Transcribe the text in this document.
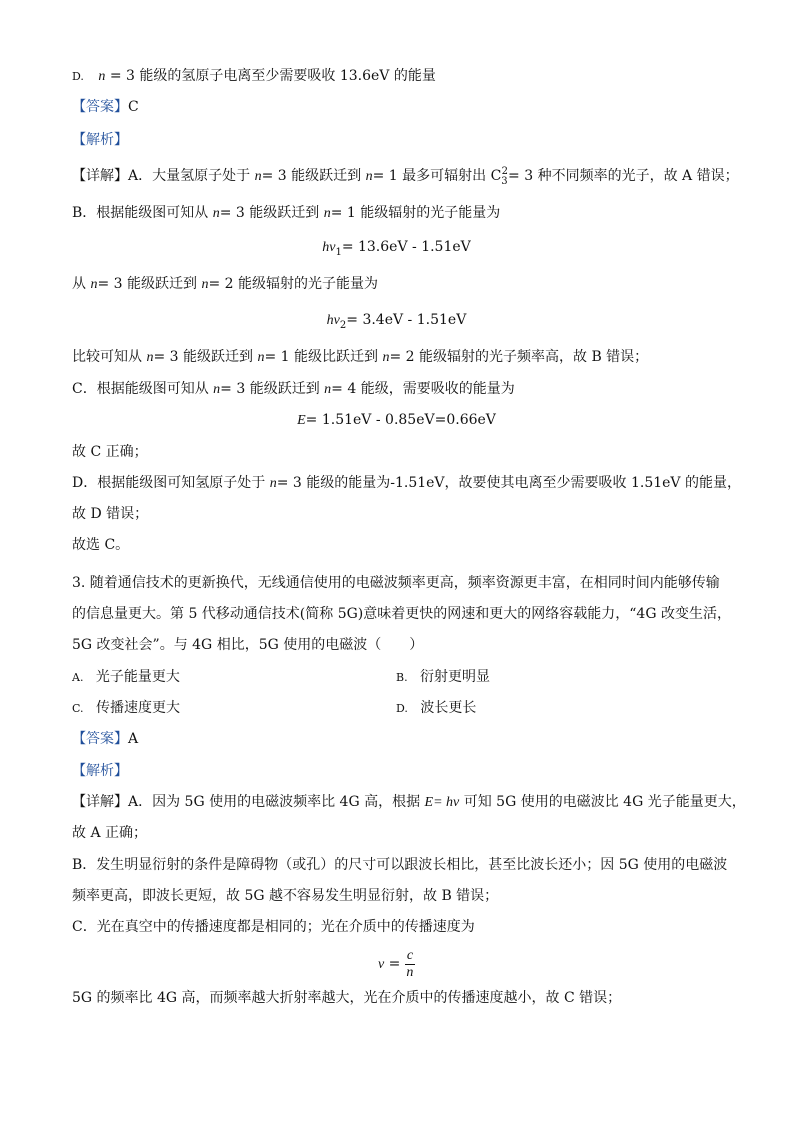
D. n = 3 能级的氢原子电离至少需要吸收 13.6eV 的能量
【答案】C
【解析】
【详解】A．大量氢原子处于 n= 3 能级跃迁到 n= 1 最多可辐射出 $C_3^2= 3$ 种不同频率的光子，故 A 错误；
B．根据能级图可知从 n= 3 能级跃迁到 n= 1 能级辐射的光子能量为
$h\nu_1= 13.6eV - 1.51eV$
从 n= 3 能级跃迁到 n= 2 能级辐射的光子能量为
$h\nu_2= 3.4eV - 1.51eV$
比较可知从 n= 3 能级跃迁到 n= 1 能级比跃迁到 n= 2 能级辐射的光子频率高，故 B 错误；
C．根据能级图可知从 n= 3 能级跃迁到 n= 4 能级，需要吸收的能量为
E= 1.51eV - 0.85eV=0.66eV
故 C 正确；
D．根据能级图可知氢原子处于 n= 3 能级的能量为-1.51eV，故要使其电离至少需要吸收 1.51eV 的能量，
故 D 错误；
故选 C。
3. 随着通信技术的更新换代，无线通信使用的电磁波频率更高，频率资源更丰富，在相同时间内能够传输
的信息量更大。第 5 代移动通信技术(简称 5G)意味着更快的网速和更大的网络容载能力，“4G 改变生活，
5G 改变社会”。与 4G 相比，5G 使用的电磁波（　　）
A. 光子能量更大	B. 衍射更明显
C. 传播速度更大	D. 波长更长
【答案】A
【解析】
【详解】A．因为 5G 使用的电磁波频率比 4G 高，根据 E= hν 可知 5G 使用的电磁波比 4G 光子能量更大，
故 A 正确；
B．发生明显衍射的条件是障碍物（或孔）的尺寸可以跟波长相比，甚至比波长还小；因 5G 使用的电磁波
频率更高，即波长更短，故 5G 越不容易发生明显衍射，故 B 错误；
C．光在真空中的传播速度都是相同的；光在介质中的传播速度为
$v = \frac{c}{n}$
5G 的频率比 4G 高，而频率越大折射率越大，光在介质中的传播速度越小，故 C 错误；
